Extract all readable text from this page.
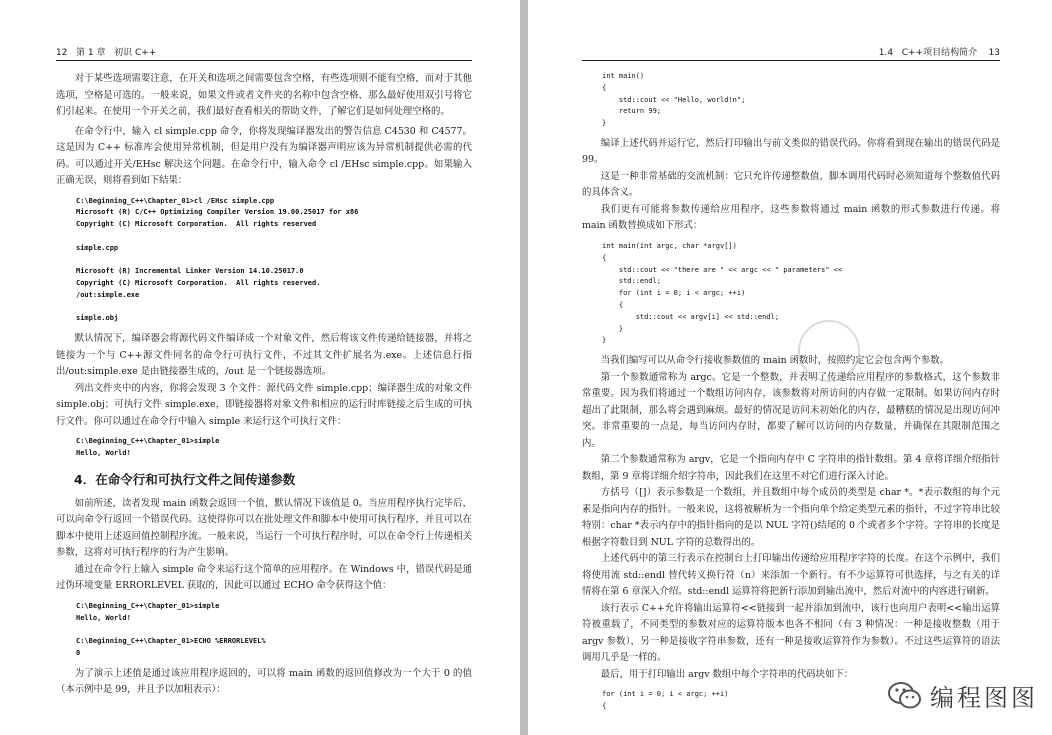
12 第 1 章 初识 C++

对于某些选项需要注意，在开关和选项之间需要包含空格，有些选项则不能有空格，而对于其他选项，空格是可选的。一般来说，如果文件或者文件夹的名称中包含空格，那么最好使用双引号将它们引起来。在使用一个开关之前，我们最好查看相关的帮助文件，了解它们是如何处理空格的。

在命令行中，输入 cl simple.cpp 命令，你将发现编译器发出的警告信息 C4530 和 C4577。这是因为 C++ 标准库会使用异常机制，但是用户没有为编译器声明应该为异常机制提供必需的代码。可以通过开关/EHsc 解决这个问题。在命令行中，输入命令 cl /EHsc simple.cpp。如果输入正确无误，则将看到如下结果：

C:\Beginning_C++\Chapter_01>cl /EHsc simple.cpp
Microsoft (R) C/C++ Optimizing Compiler Version 19.00.25017 for x86
Copyright (C) Microsoft Corporation.  All rights reserved

simple.cpp

Microsoft (R) Incremental Linker Version 14.10.25017.0
Copyright (C) Microsoft Corporation.  All rights reserved.
/out:simple.exe

simple.obj

默认情况下，编译器会将源代码文件编译成一个对象文件，然后将该文件传递给链接器，并将之链接为一个与 C++源文件同名的命令行可执行文件，不过其文件扩展名为.exe。上述信息行指出/out:simple.exe 是由链接器生成的，/out 是一个链接器选项。

列出文件夹中的内容，你将会发现 3 个文件：源代码文件 simple.cpp；编译器生成的对象文件 simple.obj；可执行文件 simple.exe，即链接器将对象文件和相应的运行时库链接之后生成的可执行文件。你可以通过在命令行中输入 simple 来运行这个可执行文件：

C:\Beginning_C++\Chapter_01>simple
Hello, World!
4．在命令行和可执行文件之间传递参数

如前所述，读者发现 main 函数会返回一个值，默认情况下该值是 0。当应用程序执行完毕后，可以向命令行返回一个错误代码。这使得你可以在批处理文件和脚本中使用可执行程序，并且可以在脚本中使用上述返回值控制程序流。一般来说，当运行一个可执行程序时，可以在命令行上传递相关参数，这将对可执行程序的行为产生影响。

通过在命令行上输入 simple 命令来运行这个简单的应用程序。在 Windows 中，错误代码是通过伪环境变量 ERRORLEVEL 获取的，因此可以通过 ECHO 命令获得这个值：

C:\Beginning_C++\Chapter_01>simple
Hello, World!

C:\Beginning_C++\Chapter_01>ECHO %ERRORLEVEL%
0

为了演示上述值是通过该应用程序返回的，可以将 main 函数的返回值修改为一个大于 0 的值（本示例中是 99，并且予以加粗表示）：

1.4 C++项目结构简介 13
int main()
{
std::cout << "Hello, world!n";
return 99;
}

编译上述代码并运行它，然后打印输出与前文类似的错误代码。你将看到现在输出的错误代码是 99。

这是一种非常基础的交流机制：它只允许传递整数值，脚本调用代码时必须知道每个整数值代码的具体含义。

我们更有可能将参数传递给应用程序，这些参数将通过 main 函数的形式参数进行传递。将 main 函数替换成如下形式：

int main(int argc, char *argv[])
{
std::cout << "there are " << argc << " parameters" <<
std::endl;
for (int i = 0; i < argc; ++i)
{
std::cout << argv[i] << std::endl;
}
}

当我们编写可以从命令行接收参数值的 main 函数时，按照约定它会包含两个参数。

第一个参数通常称为 argc。它是一个整数，并表明了传递给应用程序的参数格式，这个参数非常重要。因为我们将通过一个数组访问内存，该参数将对所访问的内存做一定限制。如果访问内存时超出了此限制，那么将会遇到麻烦。最好的情况是访问未初始化的内存，最糟糕的情况是出现访问冲突。非常重要的一点是，每当访问内存时，都要了解可以访问的内存数量，并确保在其限制范围之内。

第二个参数通常称为 argv，它是一个指向内存中 C 字符串的指针数组。第 4 章将详细介绍指针数组，第 9 章将详细介绍字符串，因此我们在这里不对它们进行深入讨论。

方括号（[]）表示参数是一个数组，并且数组中每个成员的类型是 char *。*表示数组的每个元素是指向内存的指针。一般来说，这将被解析为一个指向单个给定类型元素的指针，不过字符串比较特别：char *表示内存中的指针指向的是以 NUL 字符()结尾的 0 个或者多个字符。字符串的长度是根据字符数目到 NUL 字符的总数得出的。

上述代码中的第三行表示在控制台上打印输出传递给应用程序字符的长度。在这个示例中，我们将使用流 std::endl 替代转义换行符（n）来添加一个新行。有不少运算符可供选择，与之有关的详情将在第 6 章深入介绍。std::endl 运算符将把新行添加到输出流中，然后对流中的内容进行刷新。

该行表示 C++允许将输出运算符<<链接到一起并添加到流中，该行也向用户表明<<输出运算符被重载了，不同类型的参数对应的运算符版本也各不相同（有 3 种情况：一种是接收整数（用于 argv 参数），另一种是接收字符串参数，还有一种是接收运算符作为参数）。不过这些运算符的语法调用几乎是一样的。

最后，用于打印输出 argv 数组中每个字符串的代码块如下：

for (int i = 0; i < argc; ++i)
{	编程图图
